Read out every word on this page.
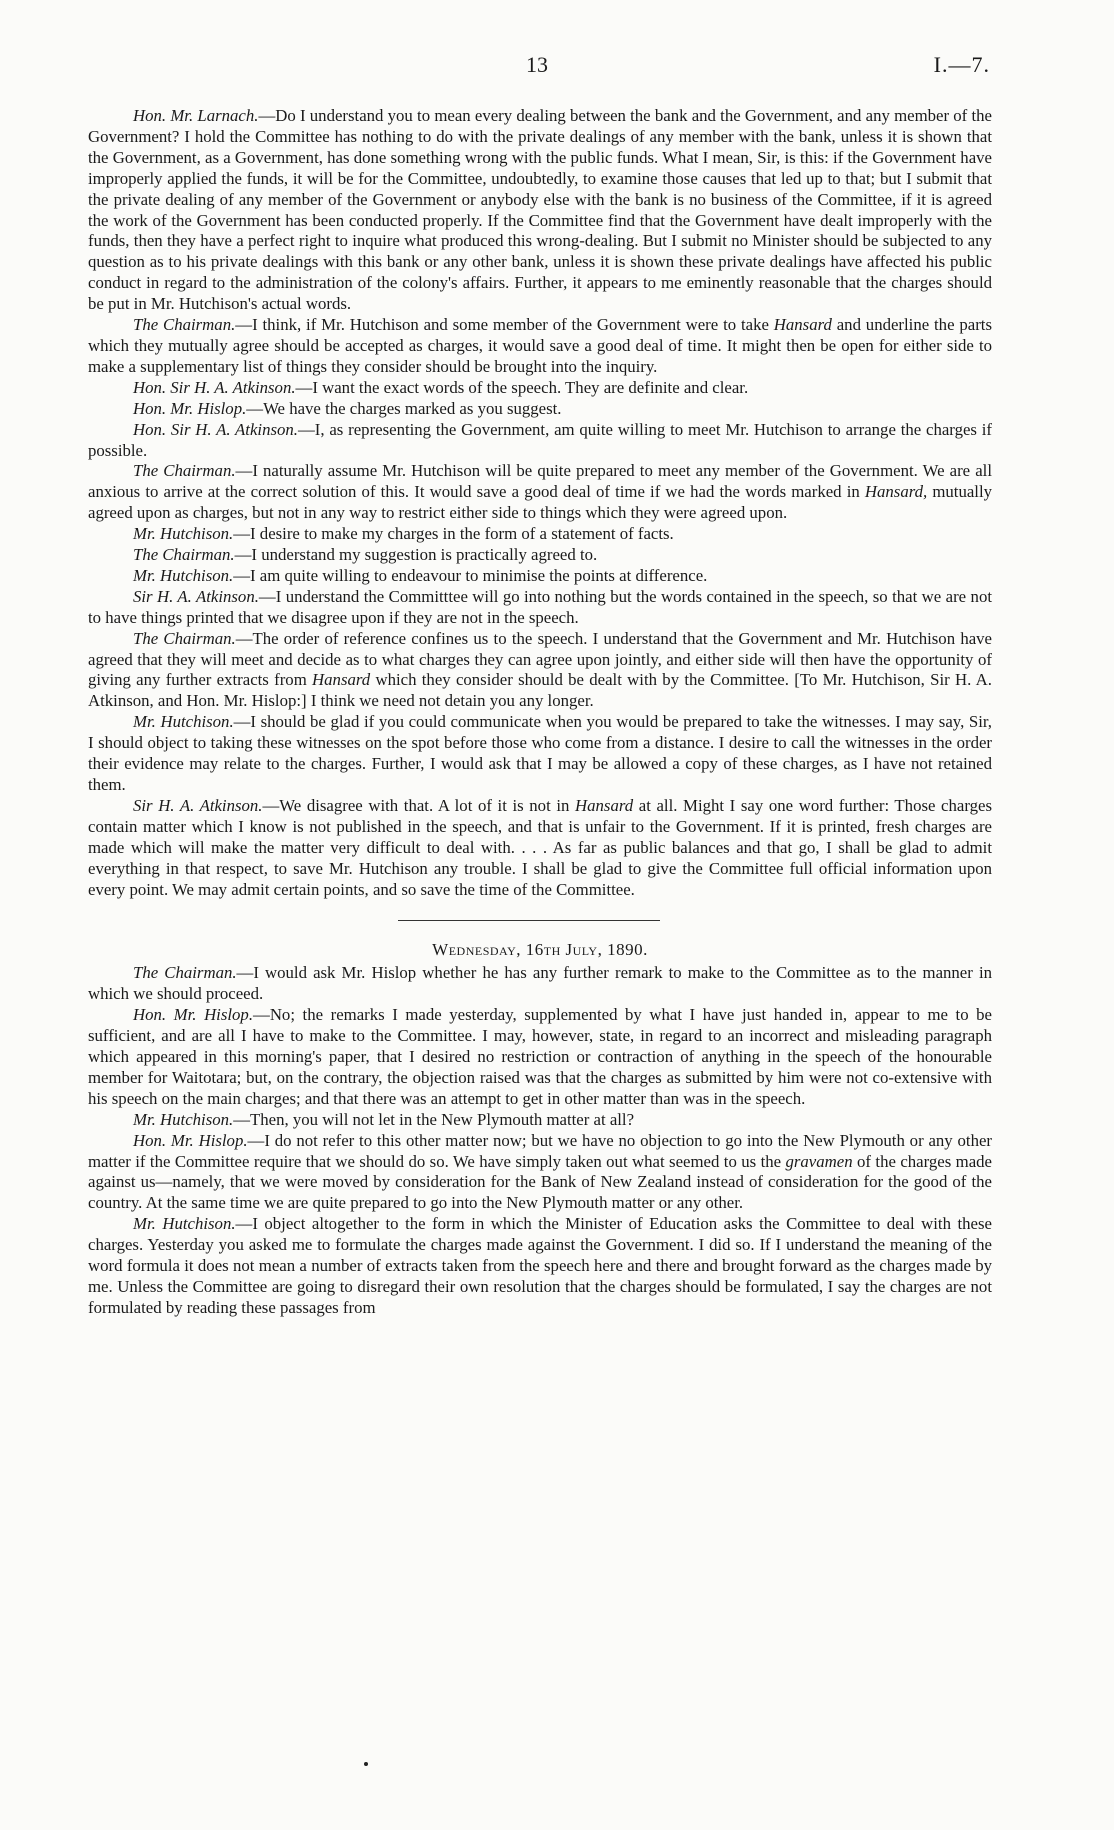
13	I.—7.

Hon. Mr. Larnach.—Do I understand you to mean every dealing between the bank and the Government, and any member of the Government? I hold the Committee has nothing to do with the private dealings of any member with the bank, unless it is shown that the Government, as a Government, has done something wrong with the public funds. What I mean, Sir, is this: if the Government have improperly applied the funds, it will be for the Committee, undoubtedly, to examine those causes that led up to that; but I submit that the private dealing of any member of the Government or anybody else with the bank is no business of the Committee, if it is agreed the work of the Government has been conducted properly. If the Committee find that the Government have dealt improperly with the funds, then they have a perfect right to inquire what produced this wrong-dealing. But I submit no Minister should be subjected to any question as to his private dealings with this bank or any other bank, unless it is shown these private dealings have affected his public conduct in regard to the administration of the colony's affairs. Further, it appears to me eminently reasonable that the charges should be put in Mr. Hutchison's actual words.

The Chairman.—I think, if Mr. Hutchison and some member of the Government were to take Hansard and underline the parts which they mutually agree should be accepted as charges, it would save a good deal of time. It might then be open for either side to make a supplementary list of things they consider should be brought into the inquiry.

Hon. Sir H. A. Atkinson.—I want the exact words of the speech. They are definite and clear.

Hon. Mr. Hislop.—We have the charges marked as you suggest.

Hon. Sir H. A. Atkinson.—I, as representing the Government, am quite willing to meet Mr. Hutchison to arrange the charges if possible.

The Chairman.—I naturally assume Mr. Hutchison will be quite prepared to meet any member of the Government. We are all anxious to arrive at the correct solution of this. It would save a good deal of time if we had the words marked in Hansard, mutually agreed upon as charges, but not in any way to restrict either side to things which they were agreed upon.

Mr. Hutchison.—I desire to make my charges in the form of a statement of facts.

The Chairman.—I understand my suggestion is practically agreed to.

Mr. Hutchison.—I am quite willing to endeavour to minimise the points at difference.

Sir H. A. Atkinson.—I understand the Committtee will go into nothing but the words contained in the speech, so that we are not to have things printed that we disagree upon if they are not in the speech.

The Chairman.—The order of reference confines us to the speech. I understand that the Government and Mr. Hutchison have agreed that they will meet and decide as to what charges they can agree upon jointly, and either side will then have the opportunity of giving any further extracts from Hansard which they consider should be dealt with by the Committee. [To Mr. Hutchison, Sir H. A. Atkinson, and Hon. Mr. Hislop:] I think we need not detain you any longer.

Mr. Hutchison.—I should be glad if you could communicate when you would be prepared to take the witnesses. I may say, Sir, I should object to taking these witnesses on the spot before those who come from a distance. I desire to call the witnesses in the order their evidence may relate to the charges. Further, I would ask that I may be allowed a copy of these charges, as I have not retained them.

Sir H. A. Atkinson.—We disagree with that. A lot of it is not in Hansard at all. Might I say one word further: Those charges contain matter which I know is not published in the speech, and that is unfair to the Government. If it is printed, fresh charges are made which will make the matter very difficult to deal with. . . . As far as public balances and that go, I shall be glad to admit everything in that respect, to save Mr. Hutchison any trouble. I shall be glad to give the Committee full official information upon every point. We may admit certain points, and so save the time of the Committee.

Wednesday, 16th July, 1890.

The Chairman.—I would ask Mr. Hislop whether he has any further remark to make to the Committee as to the manner in which we should proceed.

Hon. Mr. Hislop.—No; the remarks I made yesterday, supplemented by what I have just handed in, appear to me to be sufficient, and are all I have to make to the Committee. I may, however, state, in regard to an incorrect and misleading paragraph which appeared in this morning's paper, that I desired no restriction or contraction of anything in the speech of the honourable member for Waitotara; but, on the contrary, the objection raised was that the charges as submitted by him were not co-extensive with his speech on the main charges; and that there was an attempt to get in other matter than was in the speech.

Mr. Hutchison.—Then, you will not let in the New Plymouth matter at all?

Hon. Mr. Hislop.—I do not refer to this other matter now; but we have no objection to go into the New Plymouth or any other matter if the Committee require that we should do so. We have simply taken out what seemed to us the gravamen of the charges made against us—namely, that we were moved by consideration for the Bank of New Zealand instead of consideration for the good of the country. At the same time we are quite prepared to go into the New Plymouth matter or any other.

Mr. Hutchison.—I object altogether to the form in which the Minister of Education asks the Committee to deal with these charges. Yesterday you asked me to formulate the charges made against the Government. I did so. If I understand the meaning of the word formula it does not mean a number of extracts taken from the speech here and there and brought forward as the charges made by me. Unless the Committee are going to disregard their own resolution that the charges should be formulated, I say the charges are not formulated by reading these passages from
